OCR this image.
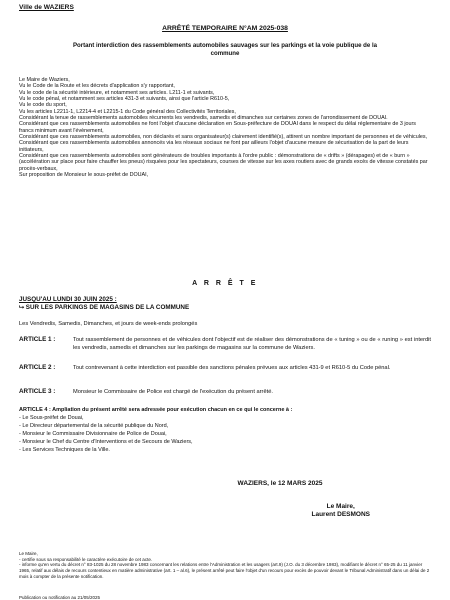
Ville de WAZIERS
ARRÊTÉ TEMPORAIRE N°AM 2025-038
Portant interdiction des rassemblements automobiles sauvages sur les parkings et la voie publique de la commune

Le Maire de Waziers,

Vu le Code de la Route et les décrets d'application s'y rapportant,

Vu le code de la sécurité intérieure, et notamment ses articles. L211-1 et suivants,

Vu le code pénal, et notamment ses articles 431-3 et suivants, ainsi que l'article R610-5,

Vu le code du sport,

Vu les articles L2211-1, L2214-4 et L2215-1 du Code général des Collectivités Territoriales,

Considérant la tenue de rassemblements automobiles récurrents les vendredis, samedis et dimanches sur certaines zones de l'arrondissement de DOUAI.

Considérant que ces rassemblements automobiles ne font l'objet d'aucune déclaration en Sous-préfecture de DOUAI dans le respect du délai réglementaire de 3 jours francs minimum avant l'évènement,

Considérant que ces rassemblements automobiles, non déclarés et sans organisateur(s) clairement identifié(s), attirent un nombre important de personnes et de véhicules,

Considérant que ces rassemblements automobiles annoncés via les réseaux sociaux ne font par ailleurs l'objet d'aucune mesure de sécurisation de la part de leurs initiateurs,

Considérant que ces rassemblements automobiles sont générateurs de troubles importants à l'ordre public : démonstrations de « drifts » (dérapages) et de « burn » (accélération sur place pour faire chauffer les pneus) risquées pour les spectateurs, courses de vitesse sur les axes routiers avec de grands excès de vitesse constatés par procès-verbaux,

Sur proposition de Monsieur le sous-préfet de DOUAI,

A R R Ê T E
JUSQU'AU LUNDI 30 JUIN 2025 :
⮡ SUR LES PARKINGS DE MAGASINS DE LA COMMUNE
Les Vendredis, Samedis, Dimanches, et jours de week-ends prolongés
ARTICLE 1 :	Tout rassemblement de personnes et de véhicules dont l'objectif est de réaliser des démonstrations de « tuning » ou de « runing » est interdit les vendredis, samedis et dimanches sur les parkings de magasins sur la commune de Waziers.
ARTICLE 2 :	Tout contrevenant à cette interdiction est passible des sanctions pénales prévues aux articles 431-9 et R610-5 du Code pénal.
ARTICLE 3 :	Monsieur le Commissaire de Police est chargé de l'exécution du présent arrêté.
ARTICLE 4 : Ampliation du présent arrêté sera adressée pour exécution chacun en ce qui le concerne à :
- Le Sous-préfet de Douai,
- Le Directeur départemental de la sécurité publique du Nord,
- Monsieur le Commissaire Divisionnaire de Police de Douai,
- Monsieur le Chef du Centre d'Interventions et de Secours de Waziers,
- Les Services Techniques de la Ville.
WAZIERS, le 12 MARS 2025
Le Maire,
Laurent DESMONS

Le Maire,

- certifie sous sa responsabilité le caractère exécutoire de cet acte.

- informe qu'en vertu du décret n° 83-1025 du 28 novembre 1983 concernant les relations entre l'Administration et les usagers (art.9) (J.O. du 3 décembre 1983), modifiant le décret n° 65-25 du 11 janvier 1965, relatif aux délais de recours contentieux en matière administrative (art. 1 – al.6), le présent arrêté peut faire l'objet d'un recours pour excès de pouvoir devant le Tribunal Administratif dans un délai de 2 mois à compter de la présente notification.

Publication ou notification au 21/05/2025
